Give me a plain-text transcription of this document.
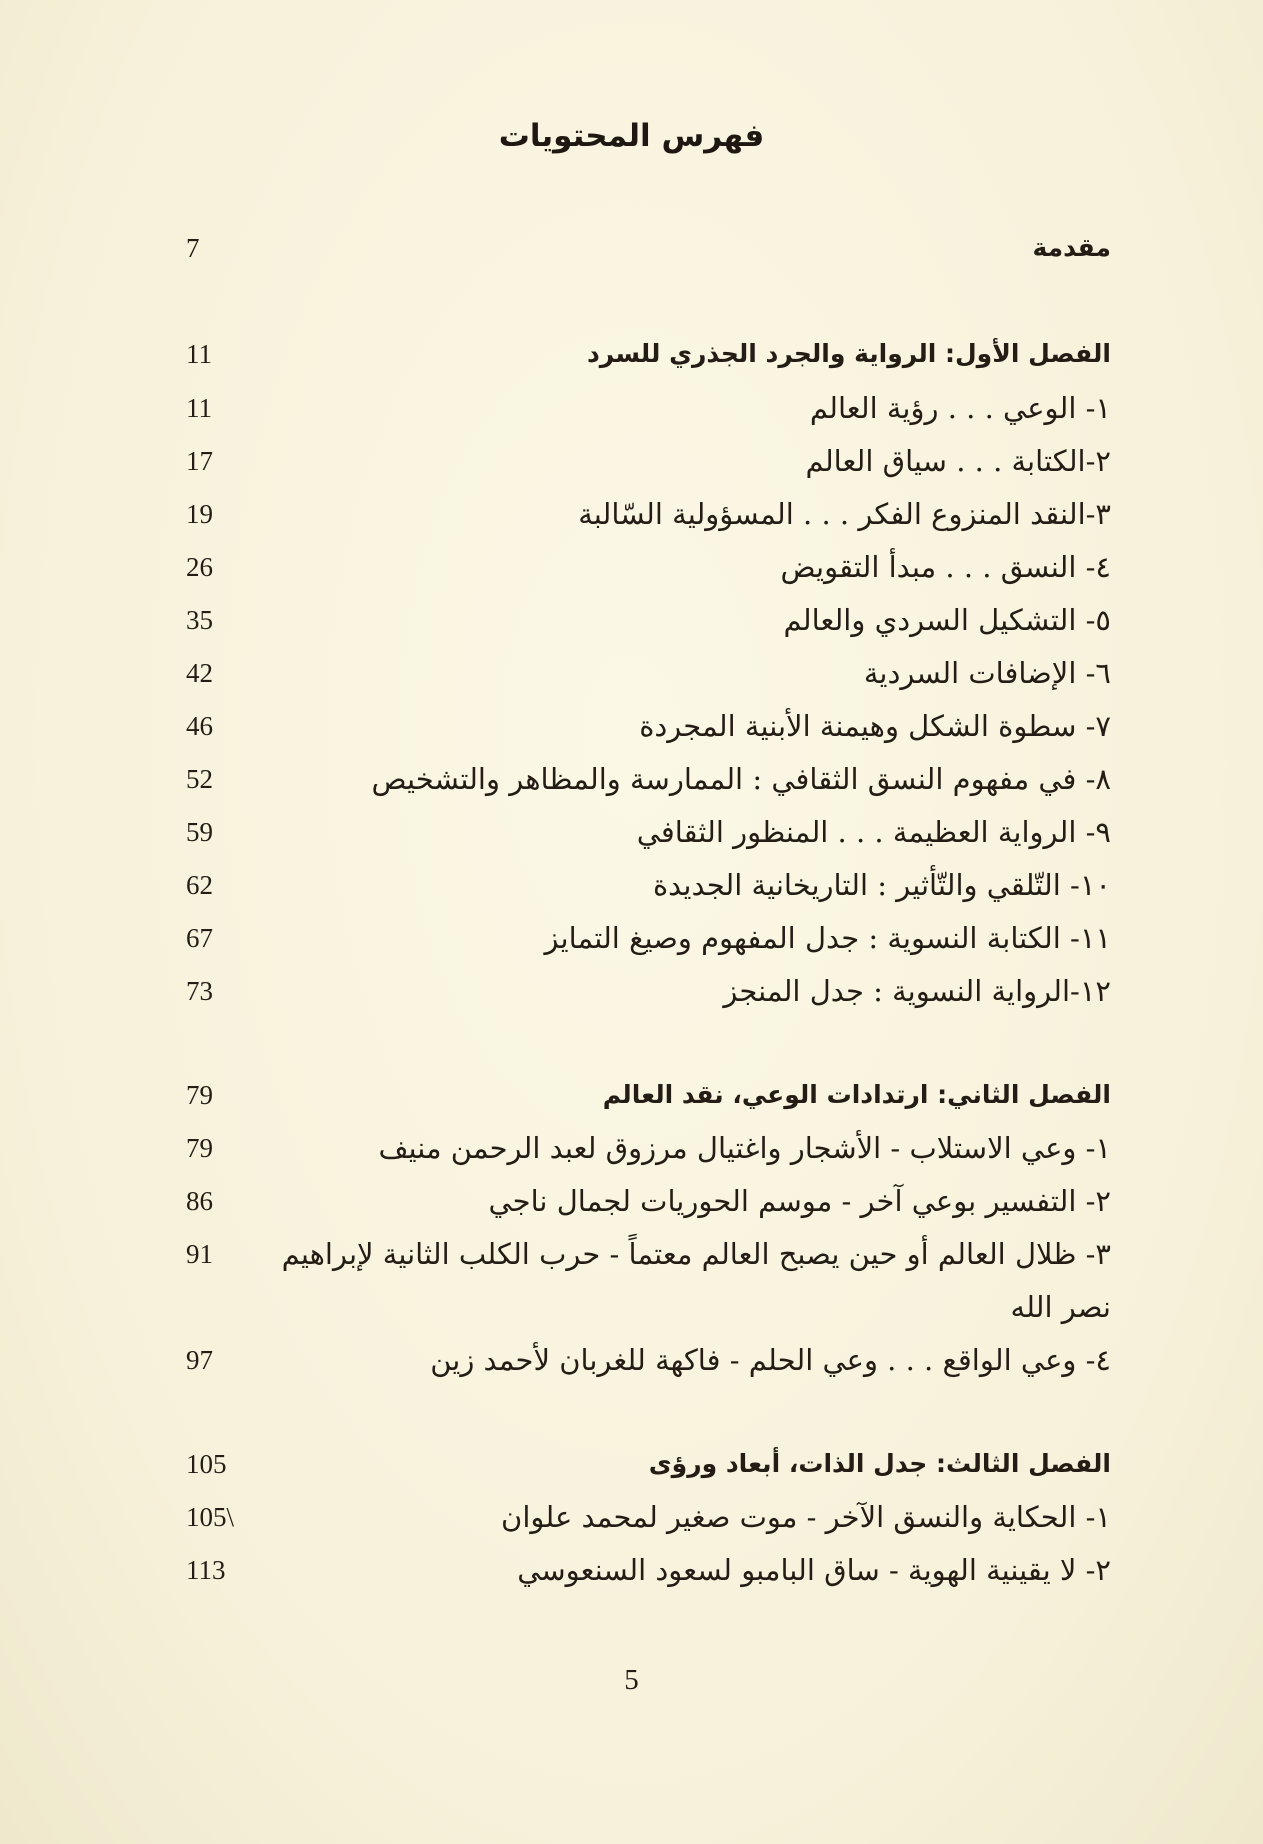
فهرس المحتويات
مقدمة
7
الفصل الأول: الرواية والجرد الجذري للسرد
11
١- الوعي . . . رؤية العالم
11
٢-الكتابة . . . سياق العالم
17
٣-النقد المنزوع الفكر . . . المسؤولية السّالبة
19
٤- النسق . . . مبدأ التقويض
26
٥- التشكيل السردي والعالم
35
٦- الإضافات السردية
42
٧- سطوة الشكل وهيمنة الأبنية المجردة
46
٨- في مفهوم النسق الثقافي : الممارسة والمظاهر والتشخيص
52
٩- الرواية العظيمة . . . المنظور الثقافي
59
١٠- التّلقي والتّأثير : التاريخانية الجديدة
62
١١- الكتابة النسوية : جدل المفهوم وصيغ التمايز
67
١٢-الرواية النسوية : جدل المنجز
73
الفصل الثاني: ارتدادات الوعي، نقد العالم
79
١- وعي الاستلاب - الأشجار واغتيال مرزوق لعبد الرحمن منيف
79
٢- التفسير بوعي آخر - موسم الحوريات لجمال ناجي
86
٣- ظلال العالم أو حين يصبح العالم معتماً - حرب الكلب الثانية لإبراهيم نصر الله
91
٤- وعي الواقع . . . وعي الحلم - فاكهة للغربان لأحمد زين
97
الفصل الثالث: جدل الذات، أبعاد ورؤى
105
١- الحكاية والنسق الآخر - موت صغير لمحمد علوان
105\
٢- لا يقينية الهوية - ساق البامبو لسعود السنعوسي
113
5
